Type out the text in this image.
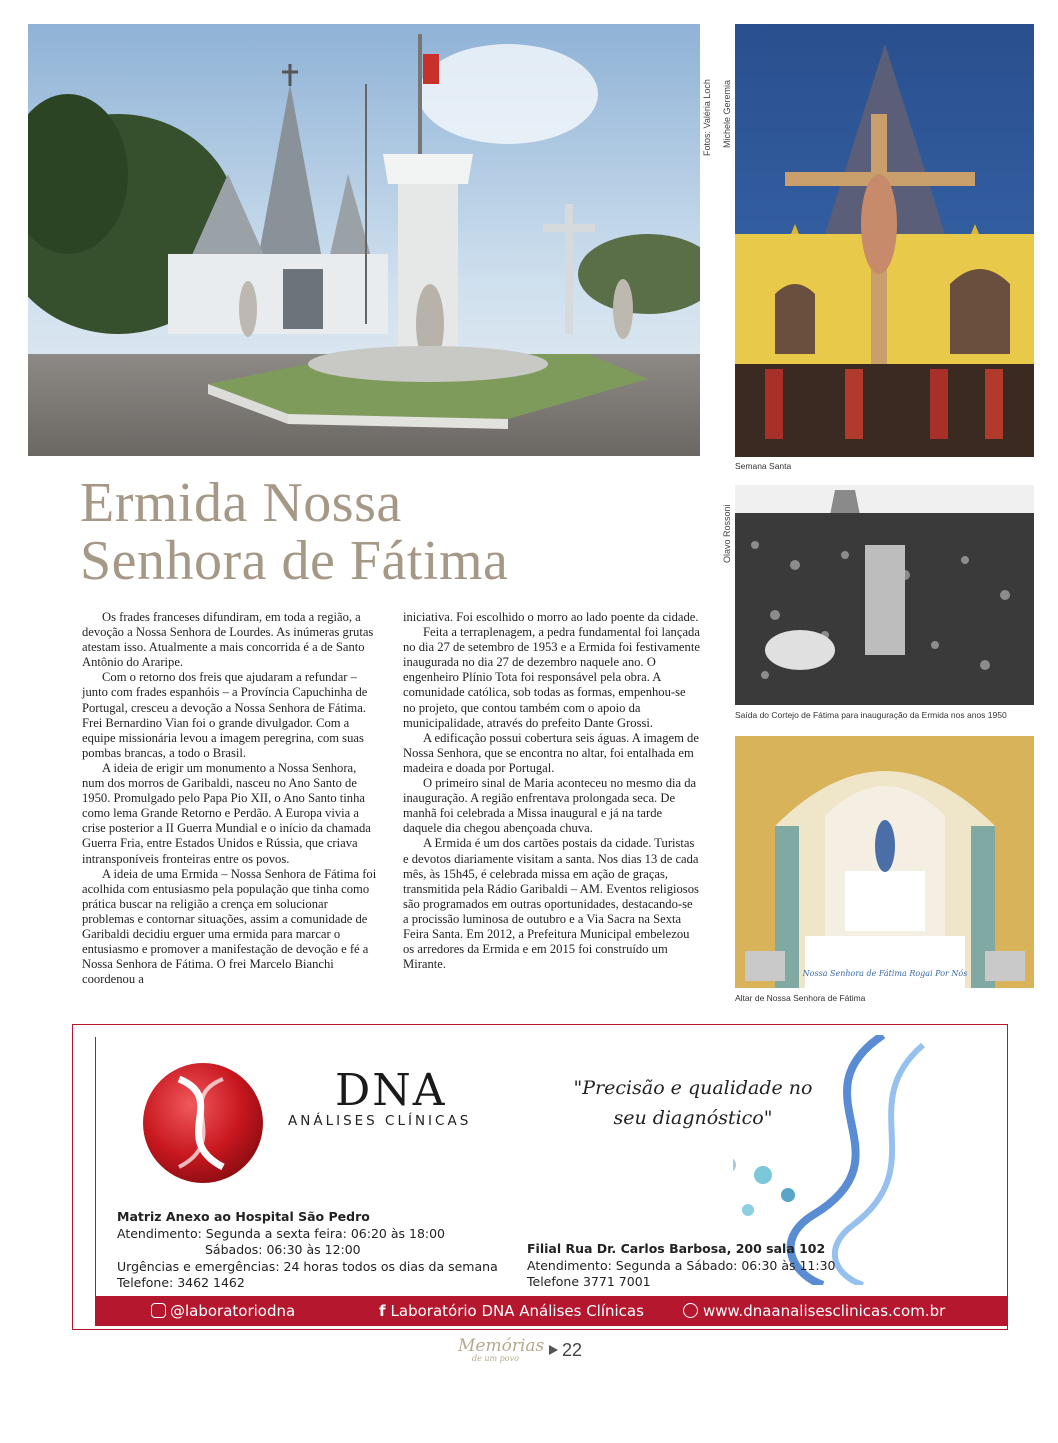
Fotos: Valéria Loch Michele Geremia
Semana Santa
Olavo Rossoni
Saída do Cortejo de Fátima para inauguração da Ermida nos anos 1950
Nossa Senhora de Fátima Rogai Por Nós
Altar de Nossa Senhora de Fátima
Ermida Nossa
Senhora de Fátima

Os frades franceses difundiram, em toda a região, a devoção a Nossa Senhora de Lourdes. As inúmeras grutas atestam isso. Atualmente a mais concorrida é a de Santo Antônio do Araripe.

Com o retorno dos freis que ajudaram a refundar – junto com frades espanhóis – a Província Capuchinha de Portugal, cresceu a devoção a Nossa Senhora de Fátima. Frei Bernardino Vian foi o grande divulgador. Com a equipe missionária levou a imagem peregrina, com suas pombas brancas, a todo o Brasil.

A ideia de erigir um monumento a Nossa Senhora, num dos morros de Garibaldi, nasceu no Ano Santo de 1950. Promulgado pelo Papa Pio XII, o Ano Santo tinha como lema Grande Retorno e Perdão. A Europa vivia a crise posterior a II Guerra Mundial e o início da chamada Guerra Fria, entre Estados Unidos e Rússia, que criava intransponíveis fronteiras entre os povos.

A ideia de uma Ermida – Nossa Senhora de Fátima foi acolhida com entusiasmo pela população que tinha como prática buscar na religião a crença em solucionar problemas e contornar situações, assim a comunidade de Garibaldi decidiu erguer uma ermida para marcar o entusiasmo e promover a manifestação de devoção e fé a Nossa Senhora de Fátima. O frei Marcelo Bianchi coordenou a

iniciativa. Foi escolhido o morro ao lado poente da cidade.

Feita a terraplenagem, a pedra fundamental foi lançada no dia 27 de setembro de 1953 e a Ermida foi festivamente inaugurada no dia 27 de dezembro naquele ano. O engenheiro Plínio Tota foi responsável pela obra. A comunidade católica, sob todas as formas, empenhou-se no projeto, que contou também com o apoio da municipalidade, através do prefeito Dante Grossi.

A edificação possui cobertura seis águas. A imagem de Nossa Senhora, que se encontra no altar, foi entalhada em madeira e doada por Portugal.

O primeiro sinal de Maria aconteceu no mesmo dia da inauguração. A região enfrentava prolongada seca. De manhã foi celebrada a Missa inaugural e já na tarde daquele dia chegou abençoada chuva.

A Ermida é um dos cartões postais da cidade. Turistas e devotos diariamente visitam a santa. Nos dias 13 de cada mês, às 15h45, é celebrada missa em ação de graças, transmitida pela Rádio Garibaldi – AM. Eventos religiosos são programados em outras oportunidades, destacando-se a procissão luminosa de outubro e a Via Sacra na Sexta Feira Santa. Em 2012, a Prefeitura Municipal embelezou os arredores da Ermida e em 2015 foi construído um Mirante.

DNA
ANÁLISES CLÍNICAS
"Precisão e qualidade no
seu diagnóstico"
Matriz Anexo ao Hospital São Pedro
Atendimento: Segunda a sexta feira: 06:20 às 18:00
Sábados: 06:30 às 12:00
Urgências e emergências: 24 horas todos os dias da semana
Telefone: 3462 1462
Filial Rua Dr. Carlos Barbosa, 200 sala 102
Atendimento: Segunda a Sábado: 06:30 às 11:30
Telefone 3771 7001
@laboratoriodna	f Laboratório DNA Análises Clínicas	www.dnaanalisesclinicas.com.br
Memórias
de um povo 22
